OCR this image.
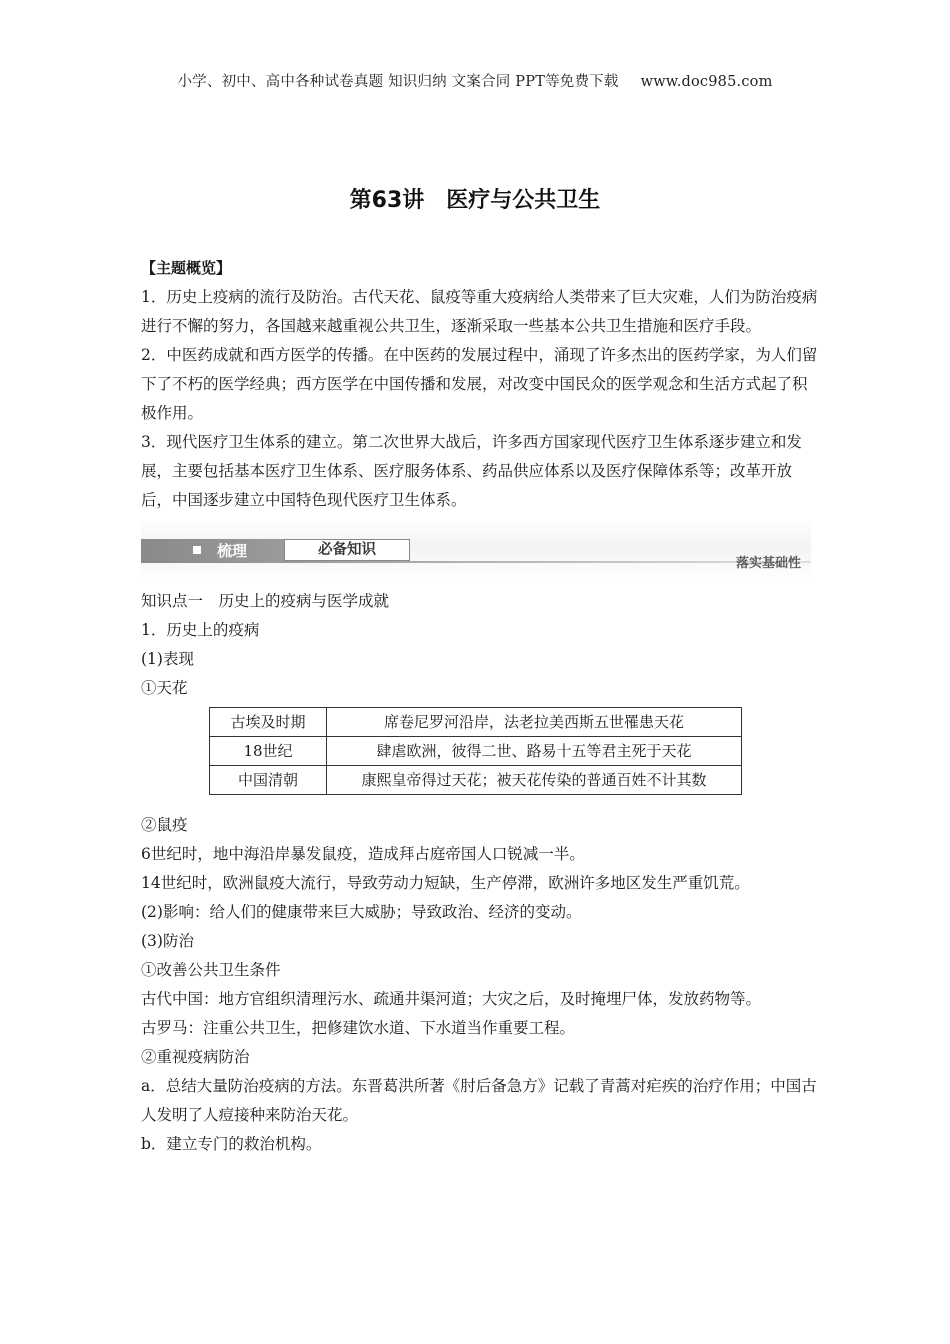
小学、初中、高中各种试卷真题 知识归纳 文案合同 PPT等免费下载 www.doc985.com
第63讲 医疗与公共卫生

【主题概览】

1．历史上疫病的流行及防治。古代天花、鼠疫等重大疫病给人类带来了巨大灾难，人们为防治疫病进行不懈的努力，各国越来越重视公共卫生，逐渐采取一些基本公共卫生措施和医疗手段。

2．中医药成就和西方医学的传播。在中医药的发展过程中，涌现了许多杰出的医药学家，为人们留下了不朽的医学经典；西方医学在中国传播和发展，对改变中国民众的医学观念和生活方式起了积极作用。

3．现代医疗卫生体系的建立。第二次世界大战后，许多西方国家现代医疗卫生体系逐步建立和发展，主要包括基本医疗卫生体系、医疗服务体系、药品供应体系以及医疗保障体系等；改革开放后，中国逐步建立中国特色现代医疗卫生体系。

梳理	必备知识
落实基础性

知识点一　历史上的疫病与医学成就

1．历史上的疫病

(1)表现

①天花

古埃及时期	席卷尼罗河沿岸，法老拉美西斯五世罹患天花
18世纪	肆虐欧洲，彼得二世、路易十五等君主死于天花
中国清朝	康熙皇帝得过天花；被天花传染的普通百姓不计其数

②鼠疫

6世纪时，地中海沿岸暴发鼠疫，造成拜占庭帝国人口锐减一半。

14世纪时，欧洲鼠疫大流行，导致劳动力短缺，生产停滞，欧洲许多地区发生严重饥荒。

(2)影响：给人们的健康带来巨大威胁；导致政治、经济的变动。

(3)防治

①改善公共卫生条件

古代中国：地方官组织清理污水、疏通井渠河道；大灾之后，及时掩埋尸体，发放药物等。

古罗马：注重公共卫生，把修建饮水道、下水道当作重要工程。

②重视疫病防治

a．总结大量防治疫病的方法。东晋葛洪所著《肘后备急方》记载了青蒿对疟疾的治疗作用；中国古人发明了人痘接种来防治天花。

b．建立专门的救治机构。
